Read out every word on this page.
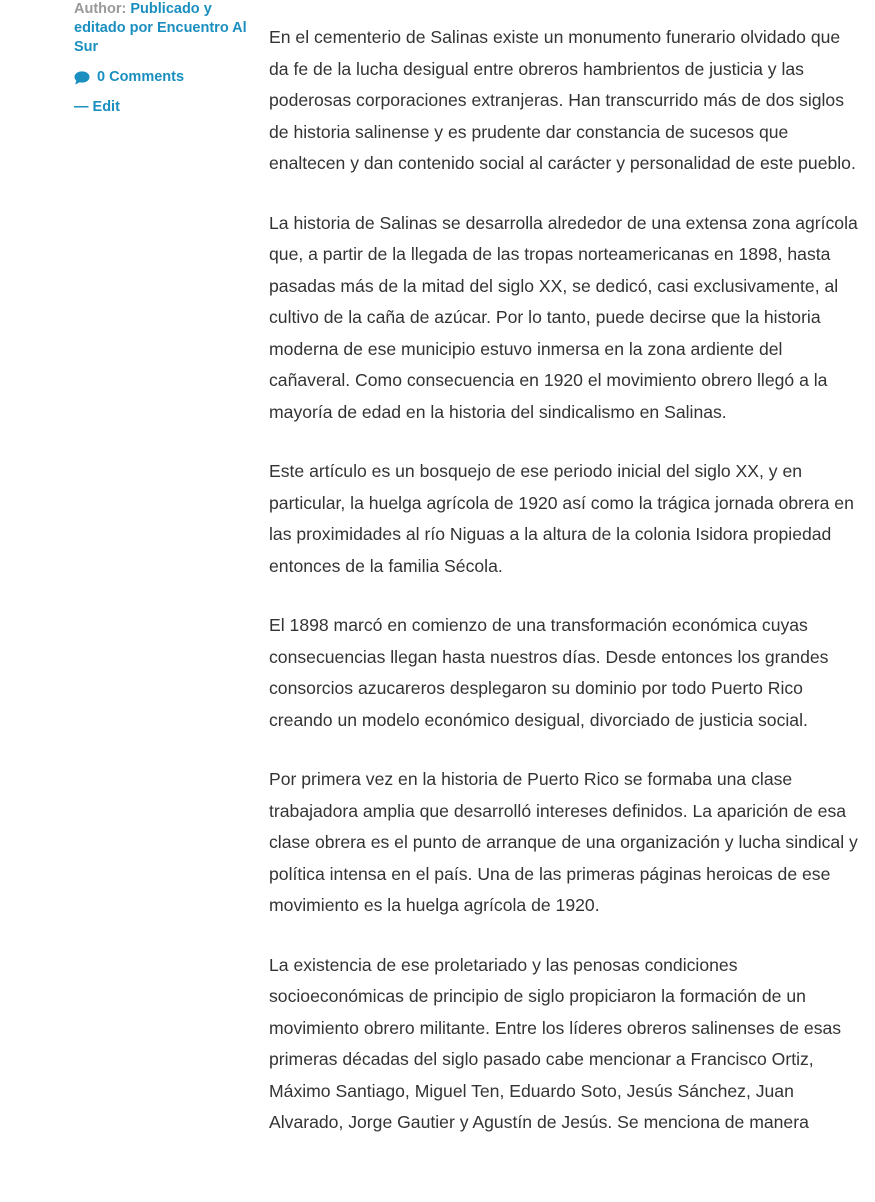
Author: Publicado y editado por Encuentro Al Sur

0 Comments
— Edit

En el cementerio de Salinas existe un monumento funerario olvidado que da fe de la lucha desigual entre obreros hambrientos de justicia y las poderosas corporaciones extranjeras. Han transcurrido más de dos siglos de historia salinense y es prudente dar constancia de sucesos que enaltecen y dan contenido social al carácter y personalidad de este pueblo.

La historia de Salinas se desarrolla alrededor de una extensa zona agrícola que, a partir de la llegada de las tropas norteamericanas en 1898, hasta pasadas más de la mitad del siglo XX, se dedicó, casi exclusivamente, al cultivo de la caña de azúcar. Por lo tanto, puede decirse que la historia moderna de ese municipio estuvo inmersa en la zona ardiente del cañaveral. Como consecuencia en 1920 el movimiento obrero llegó a la mayoría de edad en la historia del sindicalismo en Salinas.

Este artículo es un bosquejo de ese periodo inicial del siglo XX, y en particular, la huelga agrícola de 1920 así como la trágica jornada obrera en las proximidades al río Niguas a la altura de la colonia Isidora propiedad entonces de la familia Sécola.

El 1898 marcó en comienzo de una transformación económica cuyas consecuencias llegan hasta nuestros días. Desde entonces los grandes consorcios azucareros desplegaron su dominio por todo Puerto Rico creando un modelo económico desigual, divorciado de justicia social.

Por primera vez en la historia de Puerto Rico se formaba una clase trabajadora amplia que desarrolló intereses definidos. La aparición de esa clase obrera es el punto de arranque de una organización y lucha sindical y política intensa en el país. Una de las primeras páginas heroicas de ese movimiento es la huelga agrícola de 1920.

La existencia de ese proletariado y las penosas condiciones socioeconómicas de principio de siglo propiciaron la formación de un movimiento obrero militante. Entre los líderes obreros salinenses de esas primeras décadas del siglo pasado cabe mencionar a Francisco Ortiz, Máximo Santiago, Miguel Ten, Eduardo Soto, Jesús Sánchez, Juan Alvarado, Jorge Gautier y Agustín de Jesús. Se menciona de manera
